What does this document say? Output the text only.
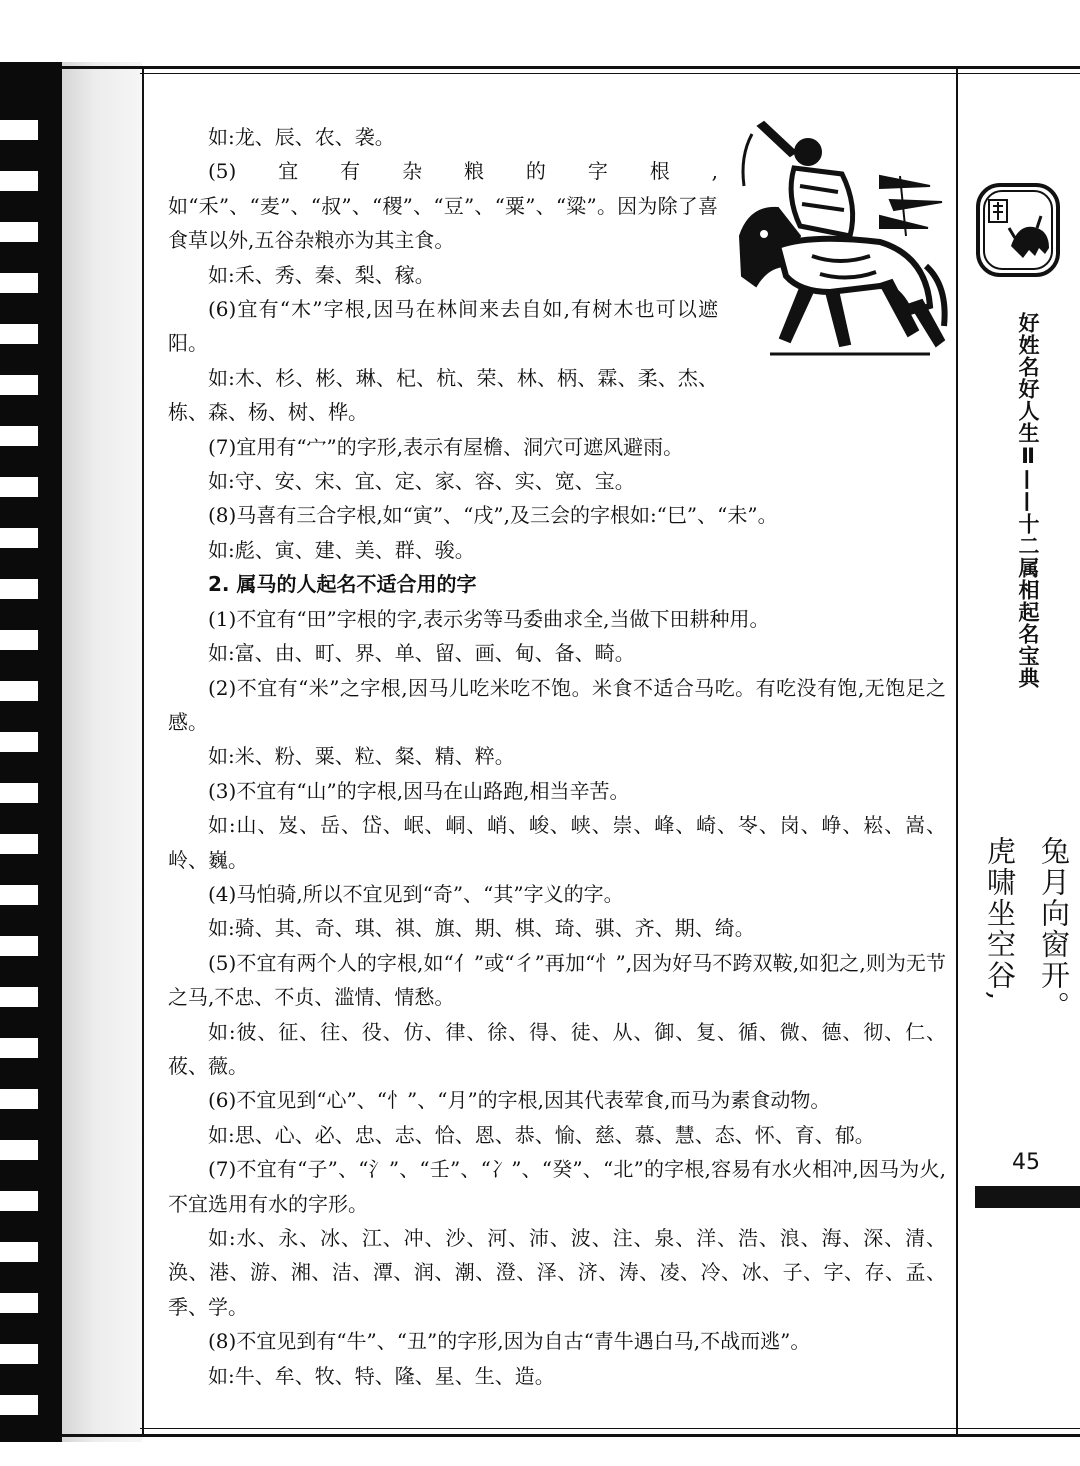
如:龙、辰、农、袭。

(5)宜有杂粮的字根,如“禾”、“麦”、“叔”、“稷”、“豆”、“粟”、“粱”。因为除了喜食草以外,五谷杂粮亦为其主食。

如:禾、秀、秦、梨、稼。

(6)宜有“木”字根,因马在林间来去自如,有树木也可以遮阳。

如:木、杉、彬、琳、杞、杭、荣、林、柄、霖、柔、杰、栋、森、杨、树、桦。

(7)宜用有“宀”的字形,表示有屋檐、洞穴可遮风避雨。

如:守、安、宋、宜、定、家、容、实、宽、宝。

(8)马喜有三合字根,如“寅”、“戌”,及三会的字根如:“巳”、“未”。

如:彪、寅、建、美、群、骏。

2. 属马的人起名不适合用的字

(1)不宜有“田”字根的字,表示劣等马委曲求全,当做下田耕种用。

如:富、由、町、界、单、留、画、甸、备、畸。

(2)不宜有“米”之字根,因马儿吃米吃不饱。米食不适合马吃。有吃没有饱,无饱足之感。

如:米、粉、粟、粒、粲、精、粹。

(3)不宜有“山”的字根,因马在山路跑,相当辛苦。

如:山、岌、岳、岱、岷、峒、峭、峻、峡、崇、峰、崎、岺、岗、峥、崧、嵩、岭、巍。

(4)马怕骑,所以不宜见到“奇”、“其”字义的字。

如:骑、其、奇、琪、祺、旗、期、棋、琦、骐、齐、期、绮。

(5)不宜有两个人的字根,如“亻”或“彳”再加“忄”,因为好马不跨双鞍,如犯之,则为无节之马,不忠、不贞、滥情、情愁。

如:彼、征、往、役、仿、律、徐、得、徒、从、御、复、循、微、德、彻、仁、莜、薇。

(6)不宜见到“心”、“忄”、“月”的字根,因其代表荤食,而马为素食动物。

如:思、心、必、忠、志、恰、恩、恭、愉、慈、慕、慧、态、怀、育、郁。

(7)不宜有“子”、“氵”、“壬”、“冫”、“癸”、“北”的字根,容易有水火相冲,因马为火,不宜选用有水的字形。

如:水、永、冰、江、冲、沙、河、沛、波、注、泉、洋、浩、浪、海、深、清、涣、港、游、湘、洁、潭、润、潮、澄、泽、济、涛、凌、冷、冰、子、字、存、孟、季、学。

(8)不宜见到有“牛”、“丑”的字形,因为自古“青牛遇白马,不战而逃”。

如:牛、牟、牧、特、隆、星、生、造。

好姓名好人生Ⅱ——十二属相起名宝典
兔月向窗开。
虎啸坐空谷,
45
